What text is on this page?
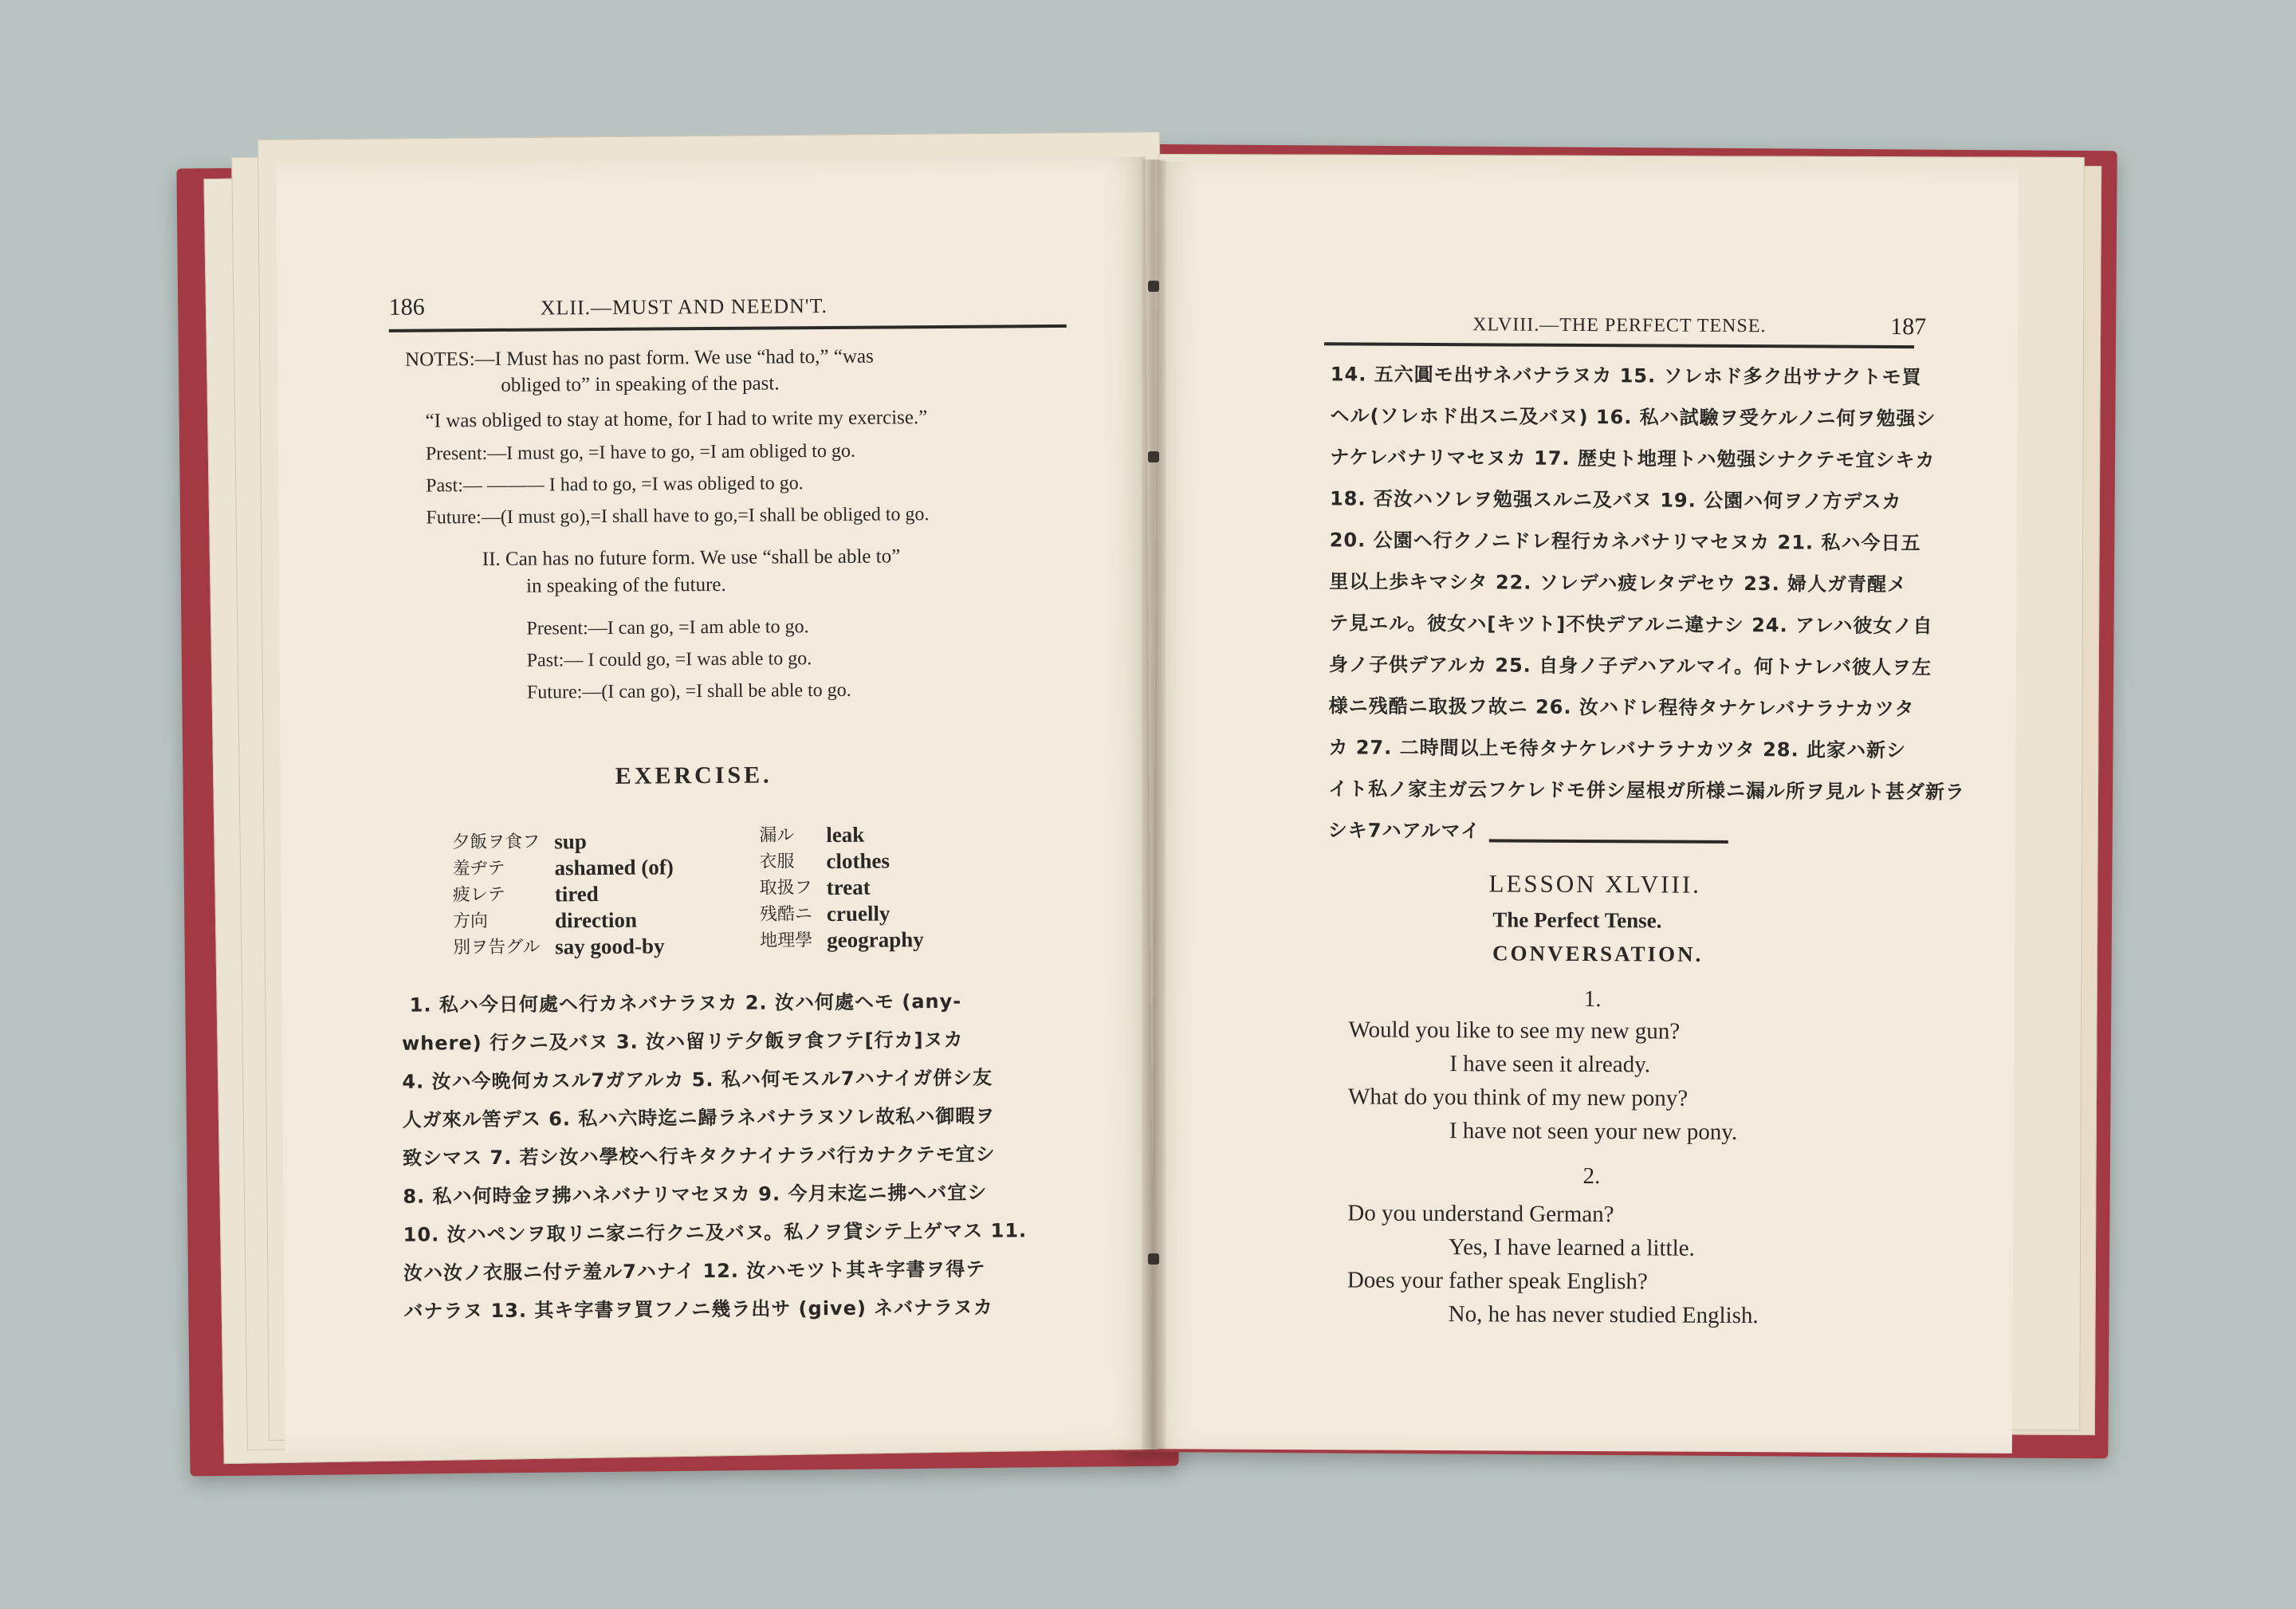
186	XLII.—MUST AND NEEDN'T.
NOTES:—I Must has no past form. We use “had to,” “was
obliged to” in speaking of the past.
“I was obliged to stay at home, for I had to write my exercise.”
Present:—I must go, =I have to go, =I am obliged to go.
Past:— ——— I had to go, =I was obliged to go.
Future:—(I must go),=I shall have to go,=I shall be obliged to go.
II. Can has no future form. We use “shall be able to”
in speaking of the future.
Present:—I can go, =I am able to go.
Past:— I could go, =I was able to go.
Future:—(I can go), =I shall be able to go.
EXERCISE.
夕飯ヲ食フ sup
羞ヂテ	ashamed (of)
疲レテ	tired
方向	direction
別ヲ告グル say good-by
漏ル	leak
衣服	clothes
取扱フ treat
残酷ニ cruelly
地理學 geography
1. 私ハ今日何處ヘ行カネバナラヌカ 2. 汝ハ何處ヘモ (any-
where) 行クニ及バヌ 3. 汝ハ留リテ夕飯ヲ食フテ[行カ]ヌカ
4. 汝ハ今晩何カスル7ガアルカ 5. 私ハ何モスル7ハナイガ併シ友
人ガ來ル筈デス 6. 私ハ六時迄ニ歸ラネバナラヌソレ故私ハ御暇ヲ
致シマス 7. 若シ汝ハ學校ヘ行キタクナイナラバ行カナクテモ宜シ
8. 私ハ何時金ヲ拂ハネバナリマセヌカ 9. 今月末迄ニ拂ヘバ宜シ
10. 汝ハペンヲ取リニ家ニ行クニ及バヌ。私ノヲ貸シテ上ゲマス 11.
汝ハ汝ノ衣服ニ付テ羞ル7ハナイ 12. 汝ハモツト其キ字書ヲ得テ
バナラヌ 13. 其キ字書ヲ買フノニ幾ラ出サ (give) ネバナラヌカ
XLVIII.—THE PERFECT TENSE.	187
14. 五六圓モ出サネバナラヌカ 15. ソレホド多ク出サナクトモ買
ヘル(ソレホド出スニ及バヌ) 16. 私ハ試驗ヲ受ケルノニ何ヲ勉强シ
ナケレバナリマセヌカ 17. 歴史ト地理トハ勉强シナクテモ宜シキカ
18. 否汝ハソレヲ勉强スルニ及バヌ 19. 公園ハ何ヲノ方デスカ
20. 公園ヘ行クノニドレ程行カネバナリマセヌカ 21. 私ハ今日五
里以上歩キマシタ 22. ソレデハ疲レタデセウ 23. 婦人ガ青醒メ
テ見エル。彼女ハ[キツト]不快デアルニ違ナシ 24. アレハ彼女ノ自
身ノ子供デアルカ 25. 自身ノ子デハアルマイ。何トナレバ彼人ヲ左
様ニ残酷ニ取扱フ故ニ 26. 汝ハドレ程待タナケレバナラナカツタ
カ 27. 二時間以上モ待タナケレバナラナカツタ 28. 此家ハ新シ
イト私ノ家主ガ云フケレドモ併シ屋根ガ所様ニ漏ル所ヲ見ルト甚ダ新ラ
シキ7ハアルマイ
LESSON XLVIII.
The Perfect Tense.
CONVERSATION.
1.
Would you like to see my new gun?
I have seen it already.
What do you think of my new pony?
I have not seen your new pony.
2.
Do you understand German?
Yes, I have learned a little.
Does your father speak English?
No, he has never studied English.
